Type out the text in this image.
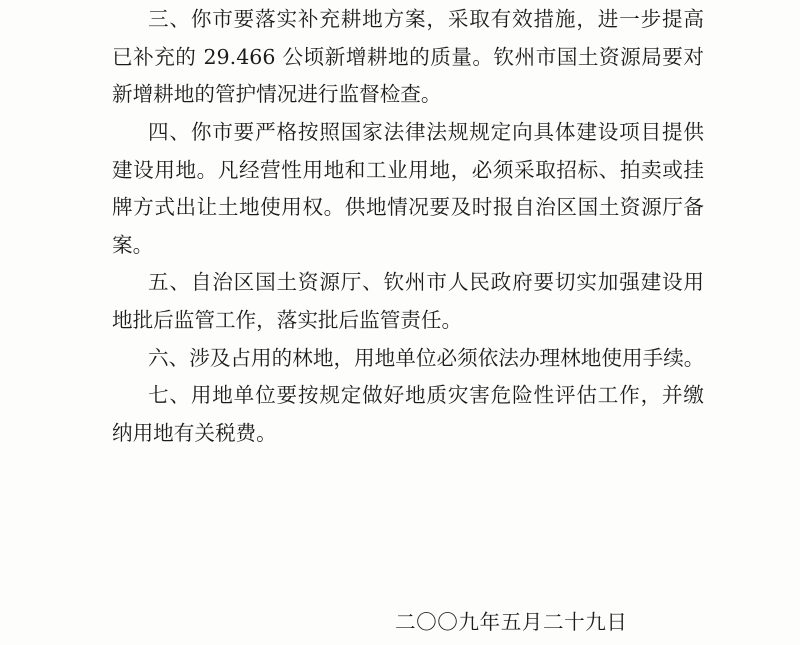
三、你市要落实补充耕地方案，采取有效措施，进一步提高
已补充的 29.466 公顷新增耕地的质量。钦州市国土资源局要对
新增耕地的管护情况进行监督检查。
四、你市要严格按照国家法律法规规定向具体建设项目提供
建设用地。凡经营性用地和工业用地，必须采取招标、拍卖或挂
牌方式出让土地使用权。供地情况要及时报自治区国土资源厅备
案。
五、自治区国土资源厅、钦州市人民政府要切实加强建设用
地批后监管工作，落实批后监管责任。
六、涉及占用的林地，用地单位必须依法办理林地使用手续。
七、用地单位要按规定做好地质灾害危险性评估工作，并缴
纳用地有关税费。
二〇〇九年五月二十九日
